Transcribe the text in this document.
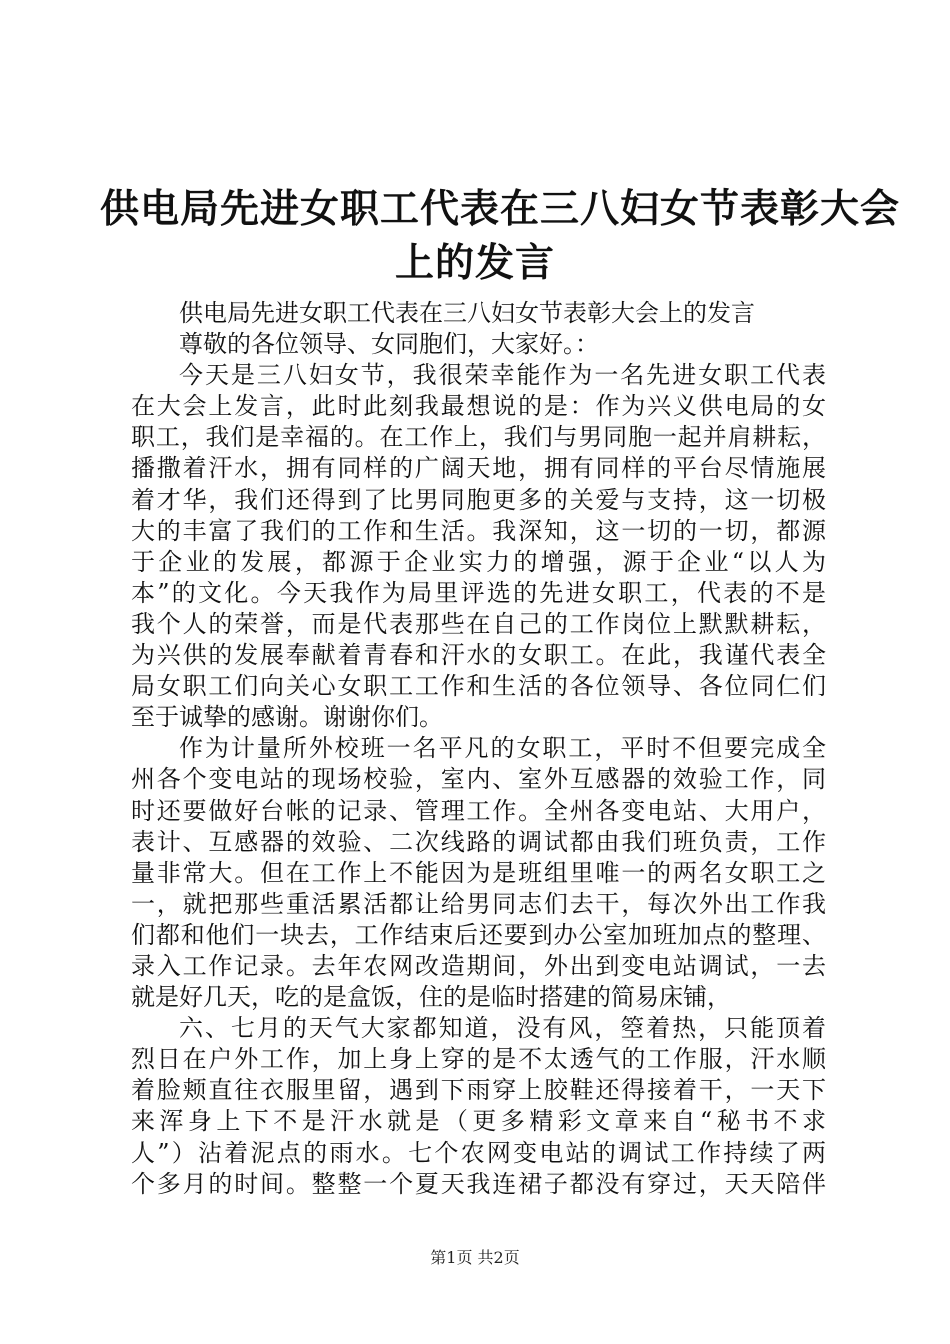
供电局先进女职工代表在三八妇女节表彰大会
上的发言
供电局先进女职工代表在三八妇女节表彰大会上的发言
尊敬的各位领导、女同胞们，大家好。：
今天是三八妇女节，我很荣幸能作为一名先进女职工代表
在大会上发言，此时此刻我最想说的是：作为兴义供电局的女
职工，我们是幸福的。在工作上，我们与男同胞一起并肩耕耘，
播撒着汗水，拥有同样的广阔天地，拥有同样的平台尽情施展
着才华，我们还得到了比男同胞更多的关爱与支持，这一切极
大的丰富了我们的工作和生活。我深知，这一切的一切，都源
于企业的发展，都源于企业实力的增强，源于企业“以人为
本”的文化。今天我作为局里评选的先进女职工，代表的不是
我个人的荣誉，而是代表那些在自己的工作岗位上默默耕耘，
为兴供的发展奉献着青春和汗水的女职工。在此，我谨代表全
局女职工们向关心女职工工作和生活的各位领导、各位同仁们
至于诚挚的感谢。谢谢你们。
作为计量所外校班一名平凡的女职工，平时不但要完成全
州各个变电站的现场校验，室内、室外互感器的效验工作，同
时还要做好台帐的记录、管理工作。全州各变电站、大用户，
表计、互感器的效验、二次线路的调试都由我们班负责，工作
量非常大。但在工作上不能因为是班组里唯一的两名女职工之
一，就把那些重活累活都让给男同志们去干，每次外出工作我
们都和他们一块去，工作结束后还要到办公室加班加点的整理、
录入工作记录。去年农网改造期间，外出到变电站调试，一去
就是好几天，吃的是盒饭，住的是临时搭建的简易床铺，
六、七月的天气大家都知道，没有风，箜着热，只能顶着
烈日在户外工作，加上身上穿的是不太透气的工作服，汗水顺
着脸颊直往衣服里留，遇到下雨穿上胶鞋还得接着干，一天下
来浑身上下不是汗水就是（更多精彩文章来自“秘书不求
人”）沾着泥点的雨水。七个农网变电站的调试工作持续了两
个多月的时间。整整一个夏天我连裙子都没有穿过，天天陪伴
第1页 共2页
